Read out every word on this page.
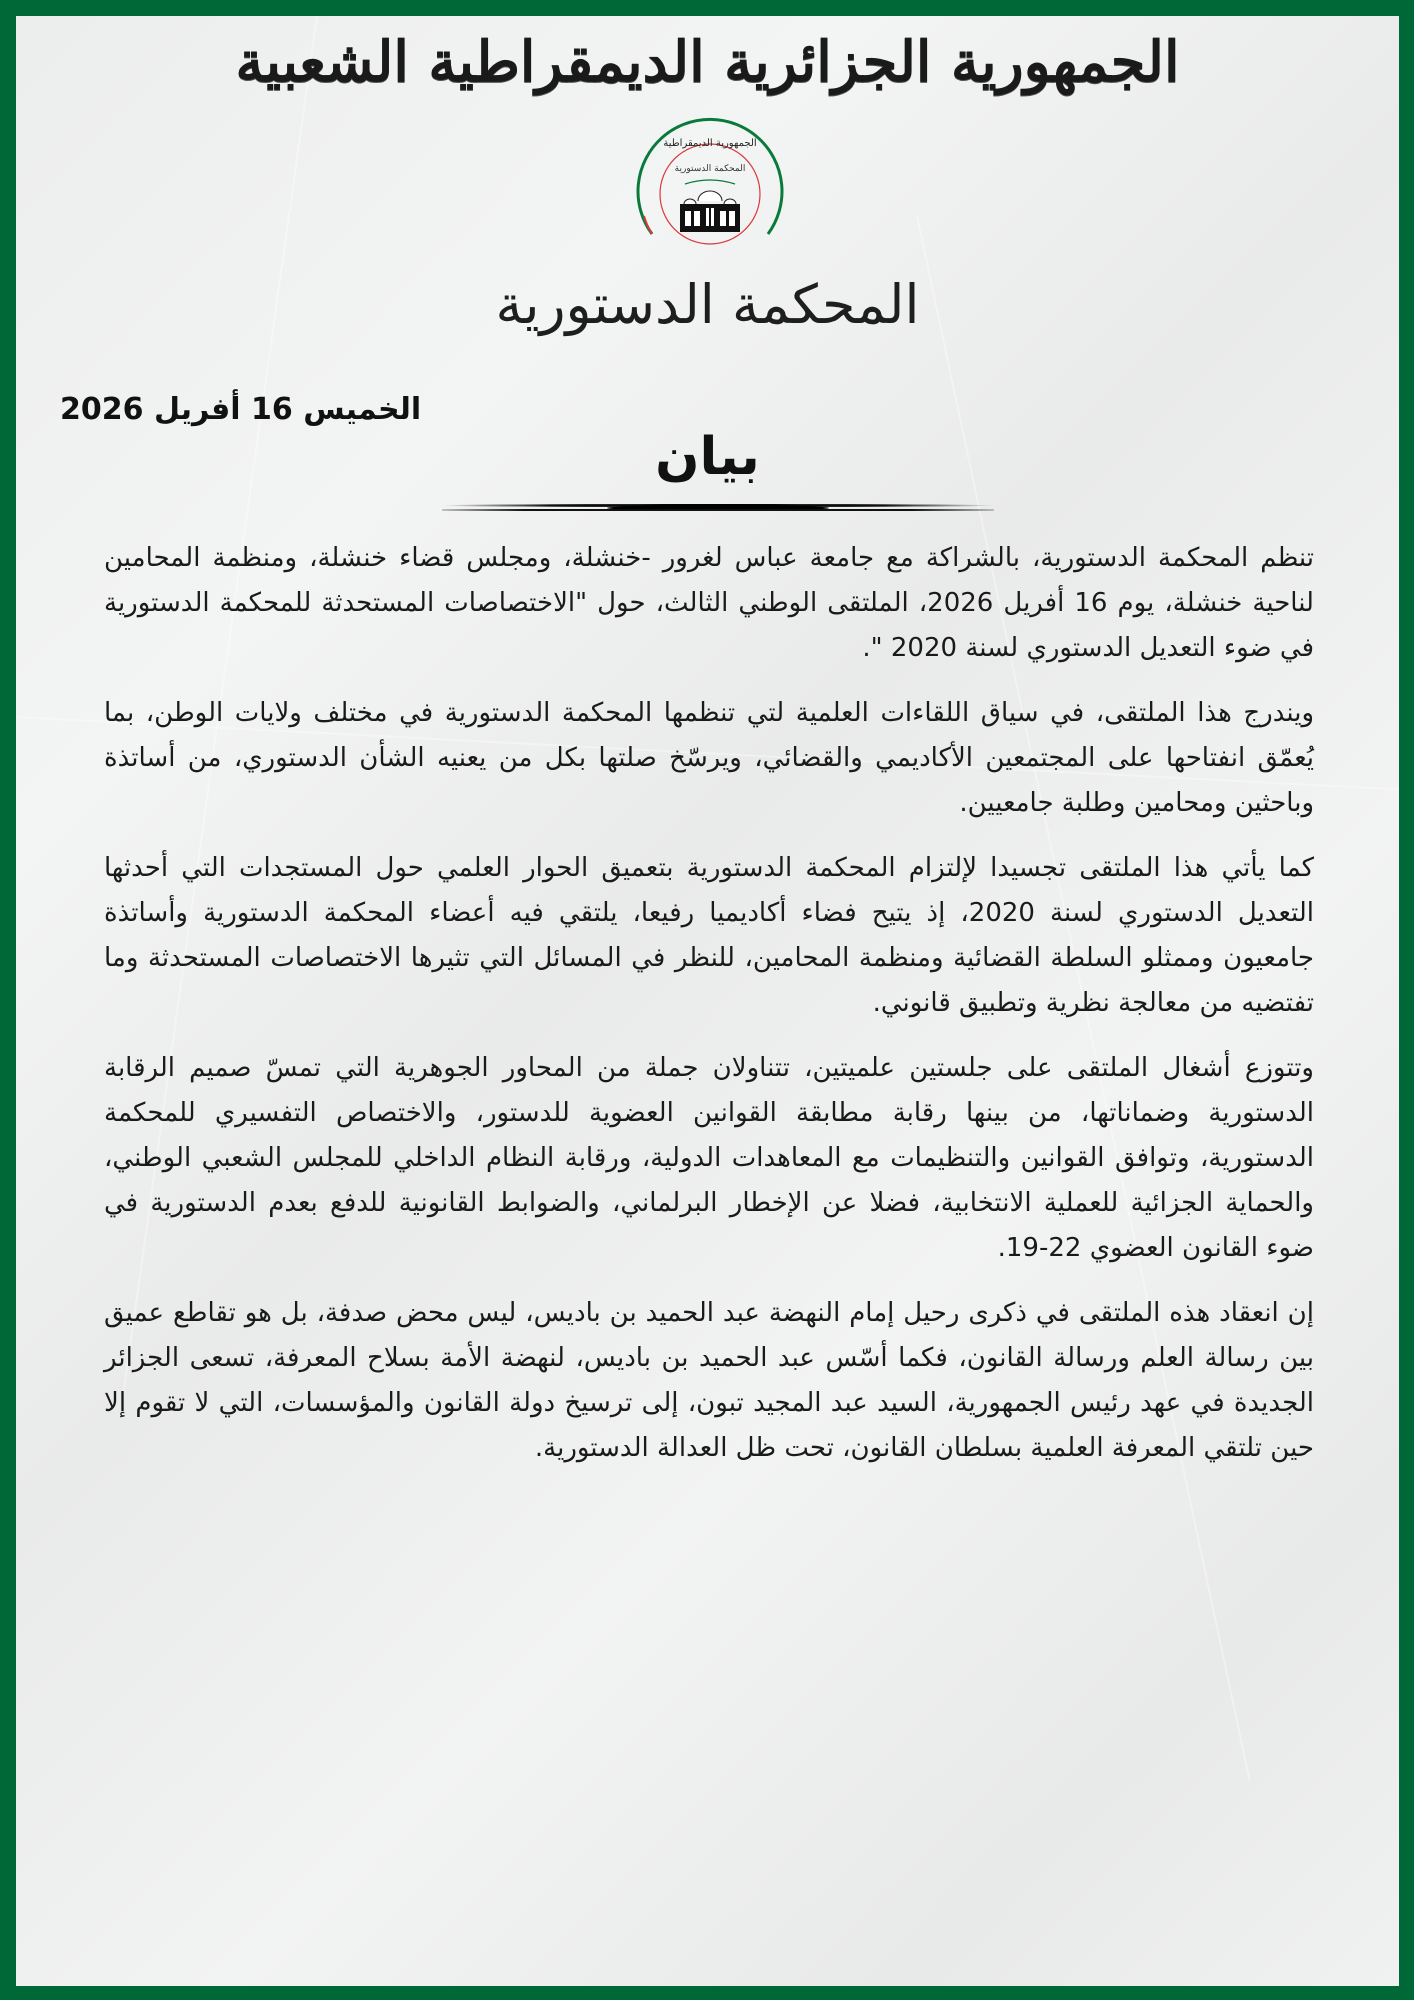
الجمهورية الجزائرية الديمقراطية الشعبية
الجمهورية الديمقراطية
المحكمة الدستورية
المحكمة الدستورية
الخميس 16 أفريل 2026
بيان

تنظم المحكمة الدستورية، بالشراكة مع جامعة عباس لغرور -خنشلة، ومجلس قضاء خنشلة، ومنظمة المحامين لناحية خنشلة، يوم 16 أفريل 2026، الملتقى الوطني الثالث، حول "الاختصاصات المستحدثة للمحكمة الدستورية في ضوء التعديل الدستوري لسنة 2020 ".

ويندرج هذا الملتقى، في سياق اللقاءات العلمية لتي تنظمها المحكمة الدستورية في مختلف ولايات الوطن، بما يُعمّق انفتاحها على المجتمعين الأكاديمي والقضائي، ويرسّخ صلتها بكل من يعنيه الشأن الدستوري، من أساتذة وباحثين ومحامين وطلبة جامعيين.

كما يأتي هذا الملتقى تجسيدا لإلتزام المحكمة الدستورية بتعميق الحوار العلمي حول المستجدات التي أحدثها التعديل الدستوري لسنة 2020، إذ يتيح فضاء أكاديميا رفيعا، يلتقي فيه أعضاء المحكمة الدستورية وأساتذة جامعيون وممثلو السلطة القضائية ومنظمة المحامين، للنظر في المسائل التي تثيرها الاختصاصات المستحدثة وما تفتضيه من معالجة نظرية وتطبيق قانوني.

وتتوزع أشغال الملتقى على جلستين علميتين، تتناولان جملة من المحاور الجوهرية التي تمسّ صميم الرقابة الدستورية وضماناتها، من بينها رقابة مطابقة القوانين العضوية للدستور، والاختصاص التفسيري للمحكمة الدستورية، وتوافق القوانين والتنظيمات مع المعاهدات الدولية، ورقابة النظام الداخلي للمجلس الشعبي الوطني، والحماية الجزائية للعملية الانتخابية، فضلا عن الإخطار البرلماني، والضوابط القانونية للدفع بعدم الدستورية في ضوء القانون العضوي 22-19.

إن انعقاد هذه الملتقى في ذكرى رحيل إمام النهضة عبد الحميد بن باديس، ليس محض صدفة، بل هو تقاطع عميق بين رسالة العلم ورسالة القانون، فكما أسّس عبد الحميد بن باديس، لنهضة الأمة بسلاح المعرفة، تسعى الجزائر الجديدة في عهد رئيس الجمهورية، السيد عبد المجيد تبون، إلى ترسيخ دولة القانون والمؤسسات، التي لا تقوم إلا حين تلتقي المعرفة العلمية بسلطان القانون، تحت ظل العدالة الدستورية.
